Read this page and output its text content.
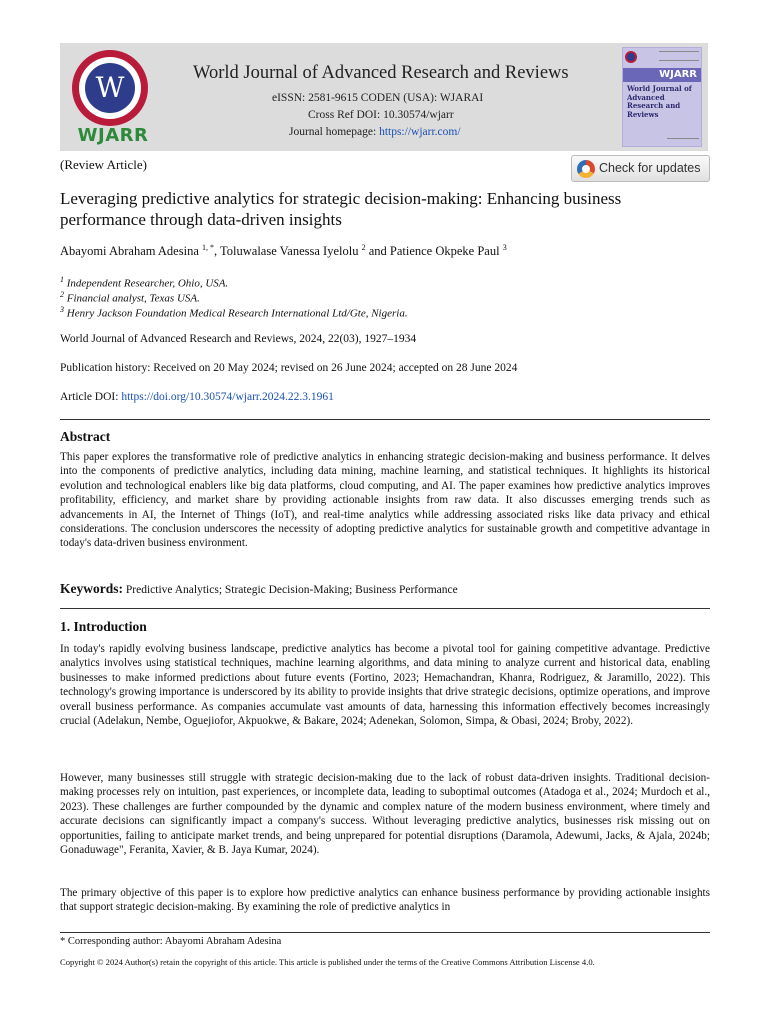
W
WJARR
World Journal of Advanced Research and Reviews
eISSN: 2581-9615 CODEN (USA): WJARAI
Cross Ref DOI: 10.30574/wjarr
Journal homepage: https://wjarr.com/
WJARR
World Journal of
Advanced
Research and
Reviews
(Review Article)	Check for updates
Leveraging predictive analytics for strategic decision-making: Enhancing business performance through data-driven insights
Abayomi Abraham Adesina $^{1, *}$, Toluwalase Vanessa Iyelolu $^2$ and Patience Okpeke Paul $^3$
$^1$ Independent Researcher, Ohio, USA.
$^2$ Financial analyst, Texas USA.
$^3$ Henry Jackson Foundation Medical Research International Ltd/Gte, Nigeria.
World Journal of Advanced Research and Reviews, 2024, 22(03), 1927–1934
Publication history: Received on 20 May 2024; revised on 26 June 2024; accepted on 28 June 2024
Article DOI: https://doi.org/10.30574/wjarr.2024.22.3.1961
Abstract
This paper explores the transformative role of predictive analytics in enhancing strategic decision-making and business performance. It delves into the components of predictive analytics, including data mining, machine learning, and statistical techniques. It highlights its historical evolution and technological enablers like big data platforms, cloud computing, and AI. The paper examines how predictive analytics improves profitability, efficiency, and market share by providing actionable insights from raw data. It also discusses emerging trends such as advancements in AI, the Internet of Things (IoT), and real-time analytics while addressing associated risks like data privacy and ethical considerations. The conclusion underscores the necessity of adopting predictive analytics for sustainable growth and competitive advantage in today's data-driven business environment.
Keywords: Predictive Analytics; Strategic Decision-Making; Business Performance
1. Introduction
In today's rapidly evolving business landscape, predictive analytics has become a pivotal tool for gaining competitive advantage. Predictive analytics involves using statistical techniques, machine learning algorithms, and data mining to analyze current and historical data, enabling businesses to make informed predictions about future events (Fortino, 2023; Hemachandran, Khanra, Rodriguez, & Jaramillo, 2022). This technology's growing importance is underscored by its ability to provide insights that drive strategic decisions, optimize operations, and improve overall business performance. As companies accumulate vast amounts of data, harnessing this information effectively becomes increasingly crucial (Adelakun, Nembe, Oguejiofor, Akpuokwe, & Bakare, 2024; Adenekan, Solomon, Simpa, & Obasi, 2024; Broby, 2022).
However, many businesses still struggle with strategic decision-making due to the lack of robust data-driven insights. Traditional decision-making processes rely on intuition, past experiences, or incomplete data, leading to suboptimal outcomes (Atadoga et al., 2024; Murdoch et al., 2023). These challenges are further compounded by the dynamic and complex nature of the modern business environment, where timely and accurate decisions can significantly impact a company's success. Without leveraging predictive analytics, businesses risk missing out on opportunities, failing to anticipate market trends, and being unprepared for potential disruptions (Daramola, Adewumi, Jacks, & Ajala, 2024b; Gonaduwage", Feranita, Xavier, & B. Jaya Kumar, 2024).
The primary objective of this paper is to explore how predictive analytics can enhance business performance by providing actionable insights that support strategic decision-making. By examining the role of predictive analytics in
* Corresponding author: Abayomi Abraham Adesina
Copyright © 2024 Author(s) retain the copyright of this article. This article is published under the terms of the Creative Commons Attribution Liscense 4.0.
